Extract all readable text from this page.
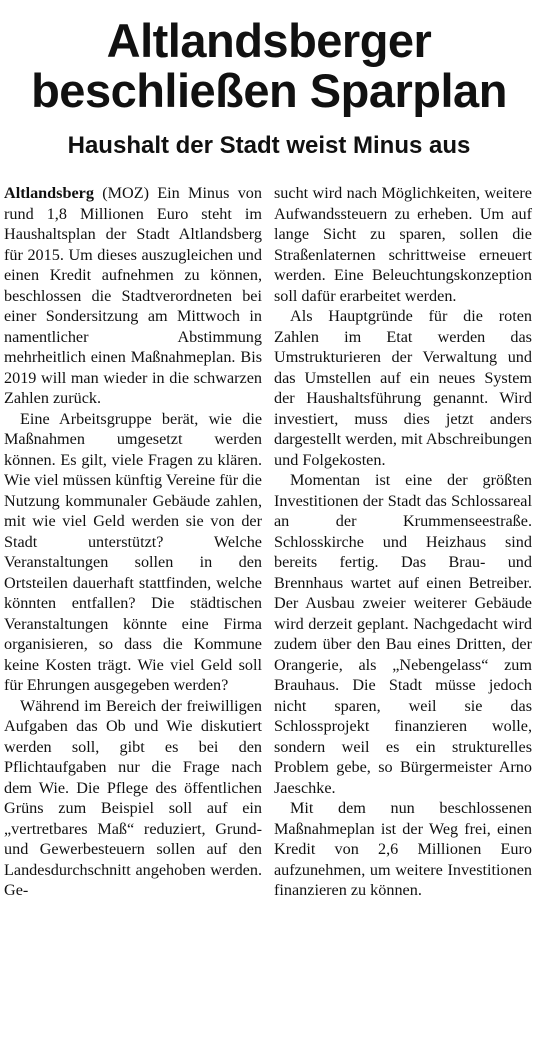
Altlandsberger
beschließen Sparplan
Haushalt der Stadt weist Minus aus

Altlandsberg (MOZ) Ein Minus von rund 1,8 Millionen Euro steht im Haushaltsplan der Stadt Altlandsberg für 2015. Um dieses auszugleichen und einen Kredit aufnehmen zu können, beschlossen die Stadtverordneten bei einer Sondersitzung am Mittwoch in namentlicher Abstimmung mehrheitlich einen Maßnahmeplan. Bis 2019 will man wieder in die schwarzen Zahlen zurück.

Eine Arbeitsgruppe berät, wie die Maßnahmen umgesetzt werden können. Es gilt, viele Fragen zu klären. Wie viel müssen künftig Vereine für die Nutzung kommunaler Gebäude zahlen, mit wie viel Geld werden sie von der Stadt unterstützt? Welche Veranstaltungen sollen in den Ortsteilen dauerhaft stattfinden, welche könnten entfallen? Die städtischen Veranstaltungen könnte eine Firma organisieren, so dass die Kommune keine Kosten trägt. Wie viel Geld soll für Ehrungen ausgegeben werden?

Während im Bereich der freiwilligen Aufgaben das Ob und Wie diskutiert werden soll, gibt es bei den Pflichtaufgaben nur die Frage nach dem Wie. Die Pflege des öffentlichen Grüns zum Beispiel soll auf ein „vertretbares Maß“ reduziert, Grund- und Gewerbesteuern sollen auf den Landesdurchschnitt angehoben werden. Ge-

sucht wird nach Möglichkeiten, weitere Aufwandssteuern zu erheben. Um auf lange Sicht zu sparen, sollen die Straßenlaternen schrittweise erneuert werden. Eine Beleuchtungskonzeption soll dafür erarbeitet werden.

Als Hauptgründe für die roten Zahlen im Etat werden das Umstrukturieren der Verwaltung und das Umstellen auf ein neues System der Haushaltsführung genannt. Wird investiert, muss dies jetzt anders dargestellt werden, mit Abschreibungen und Folgekosten.

Momentan ist eine der größten Investitionen der Stadt das Schlossareal an der Krummenseestraße. Schlosskirche und Heizhaus sind bereits fertig. Das Brau- und Brennhaus wartet auf einen Betreiber. Der Ausbau zweier weiterer Gebäude wird derzeit geplant. Nachgedacht wird zudem über den Bau eines Dritten, der Orangerie, als „Nebengelass“ zum Brauhaus. Die Stadt müsse jedoch nicht sparen, weil sie das Schlossprojekt finanzieren wolle, sondern weil es ein strukturelles Problem gebe, so Bürgermeister Arno Jaeschke.

Mit dem nun beschlossenen Maßnahmeplan ist der Weg frei, einen Kredit von 2,6 Millionen Euro aufzunehmen, um weitere Investitionen finanzieren zu können.
